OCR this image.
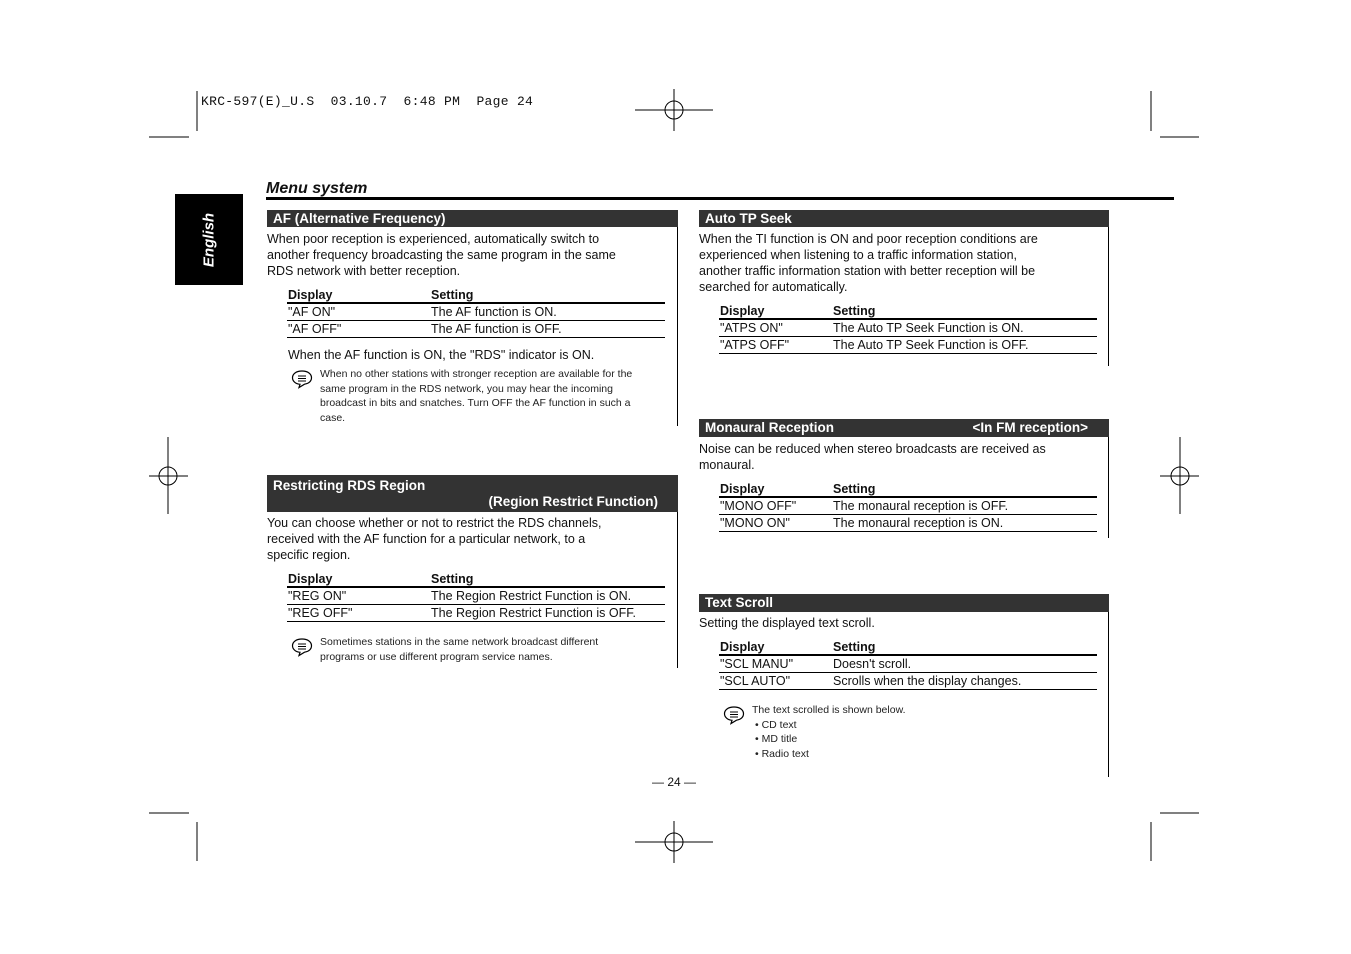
KRC-597(E)_U.S  03.10.7  6:48 PM  Page 24
English
Menu system
AF (Alternative Frequency)
When poor reception is experienced, automatically switch to
another frequency broadcasting the same program in the same
RDS network with better reception.
Display	Setting
"AF ON"	The AF function is ON.
"AF OFF"	The AF function is OFF.
When the AF function is ON, the "RDS" indicator is ON.
When no other stations with stronger reception are available for the
same program in the RDS network, you may hear the incoming
broadcast in bits and snatches. Turn OFF the AF function in such a
case.
Restricting RDS Region
(Region Restrict Function)
You can choose whether or not to restrict the RDS channels,
received with the AF function for a particular network, to a
specific region.
Display	Setting
"REG ON"	The Region Restrict Function is ON.
"REG OFF"	The Region Restrict Function is OFF.
Sometimes stations in the same network broadcast different
programs or use different program service names.
Auto TP Seek
When the TI function is ON and poor reception conditions are
experienced when listening to a traffic information station,
another traffic information station with better reception will be
searched for automatically.
Display	Setting
"ATPS ON"	The Auto TP Seek Function is ON.
"ATPS OFF"	The Auto TP Seek Function is OFF.
Monaural Reception	<In FM reception>
Noise can be reduced when stereo broadcasts are received as
monaural.
Display	Setting
"MONO OFF"	The monaural reception is OFF.
"MONO ON"	The monaural reception is ON.
Text Scroll
Setting the displayed text scroll.
Display	Setting
"SCL MANU"	Doesn't scroll.
"SCL AUTO"	Scrolls when the display changes.
The text scrolled is shown below.
• CD text
• MD title
• Radio text
— 24 —
